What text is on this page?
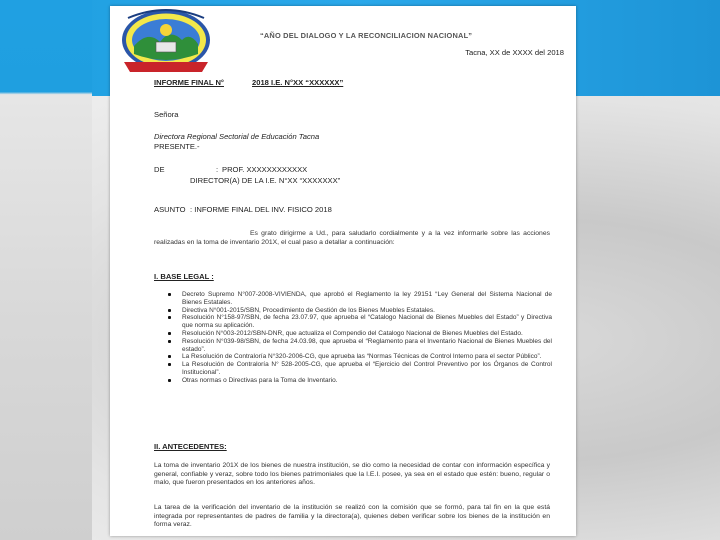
“AÑO DEL DIALOGO Y LA RECONCILIACION NACIONAL”
Tacna, XX de XXXX del 2018
INFORME FINAL N°	2018 I.E. N°XX “XXXXXX”
Señora
Directora Regional Sectorial de Educación Tacna
PRESENTE.-
DE	: PROF. XXXXXXXXXXXX
DIRECTOR(A) DE LA I.E. N°XX “XXXXXXX”
ASUNTO : INFORME FINAL DEL INV. FISICO 2018
Es grato dirigirme a Ud., para saludarlo cordialmente y a la vez informarle sobre las acciones realizadas en la toma de inventario 201X, el cual paso a detallar a continuación:
I. BASE LEGAL :
Decreto Supremo N°007-2008-VIVIENDA, que aprobó el Reglamento la ley 29151 “Ley General del Sistema Nacional de Bienes Estatales.
Directiva N°001-2015/SBN, Procedimiento de Gestión de los Bienes Muebles Estatales.
Resolución N°158-97/SBN, de fecha 23.07.97, que aprueba el “Catalogo Nacional de Bienes Muebles del Estado” y Directiva que norma su aplicación.
Resolución N°003-2012/SBN-DNR, que actualiza el Compendio del Catalogo Nacional de Bienes Muebles del Estado.
Resolución N°039-98/SBN, de fecha 24.03.98, que aprueba el “Reglamento para el Inventario Nacional de Bienes Muebles del estado”.
La Resolución de Contraloría N°320-2006-CG, que aprueba las “Normas Técnicas de Control Interno para el sector Público”.
La Resolución de Contraloría N° 528-2005-CG, que aprueba el “Ejercicio del Control Preventivo por los Órganos de Control Institucional”.
Otras normas o Directivas para la Toma de Inventario.
II. ANTECEDENTES:
La toma de inventario 201X de los bienes de nuestra institución, se dio como la necesidad de contar con información específica y general, confiable y veraz, sobre todo los bienes patrimoniales que la I.E.I. posee, ya sea en el estado que estén: bueno, regular o malo, que fueron presentados en los anteriores años.
La tarea de la verificación del inventario de la institución se realizó con la comisión que se formó, para tal fin en la que está integrada por representantes de padres de familia y la directora(a), quienes deben verificar sobre los bienes de la institución en forma veraz.
